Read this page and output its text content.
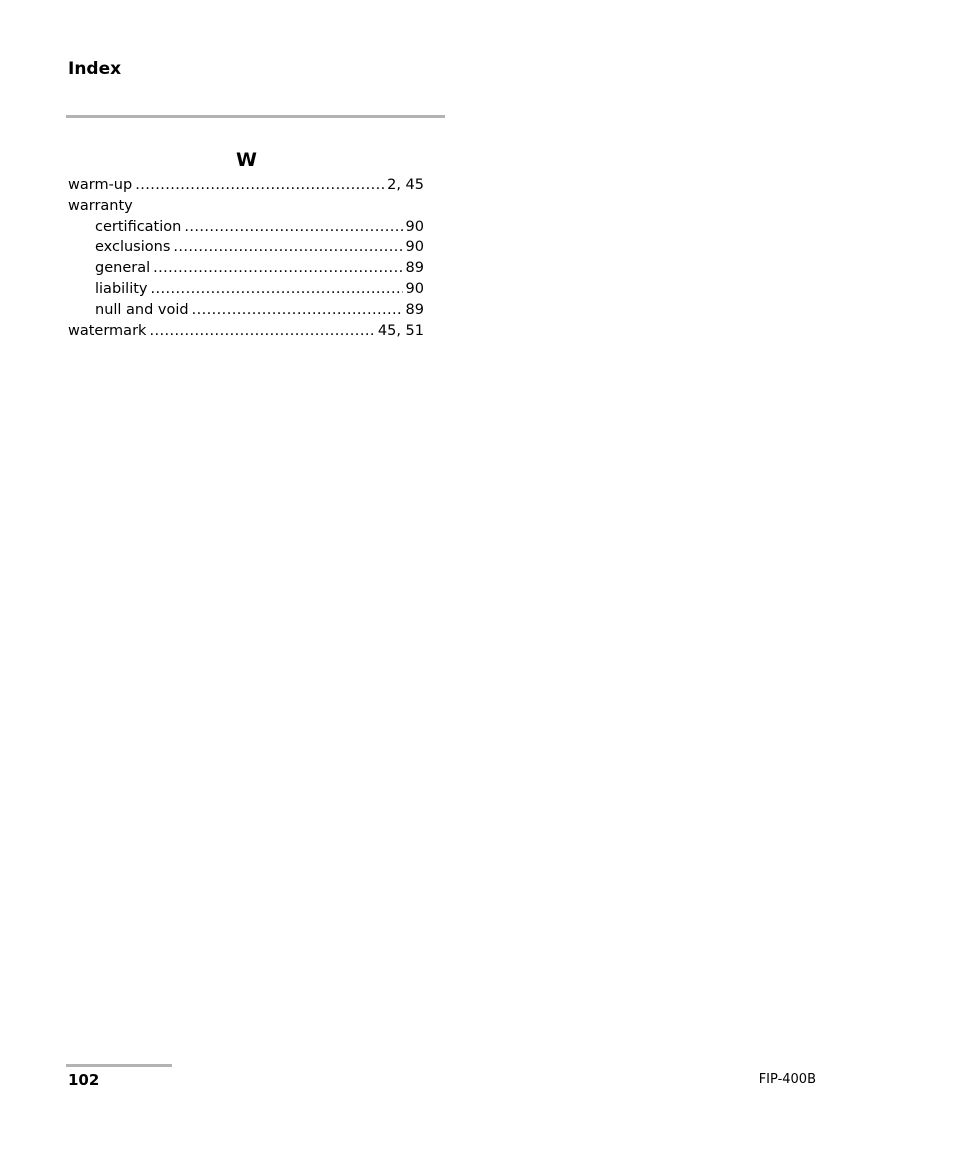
Index
W
warm-up .....	2, 45
warranty
certification .....	90
exclusions .....	90
general .....	89
liability .....	90
null and void .....	89
watermark .....	45, 51
102	FIP-400B
